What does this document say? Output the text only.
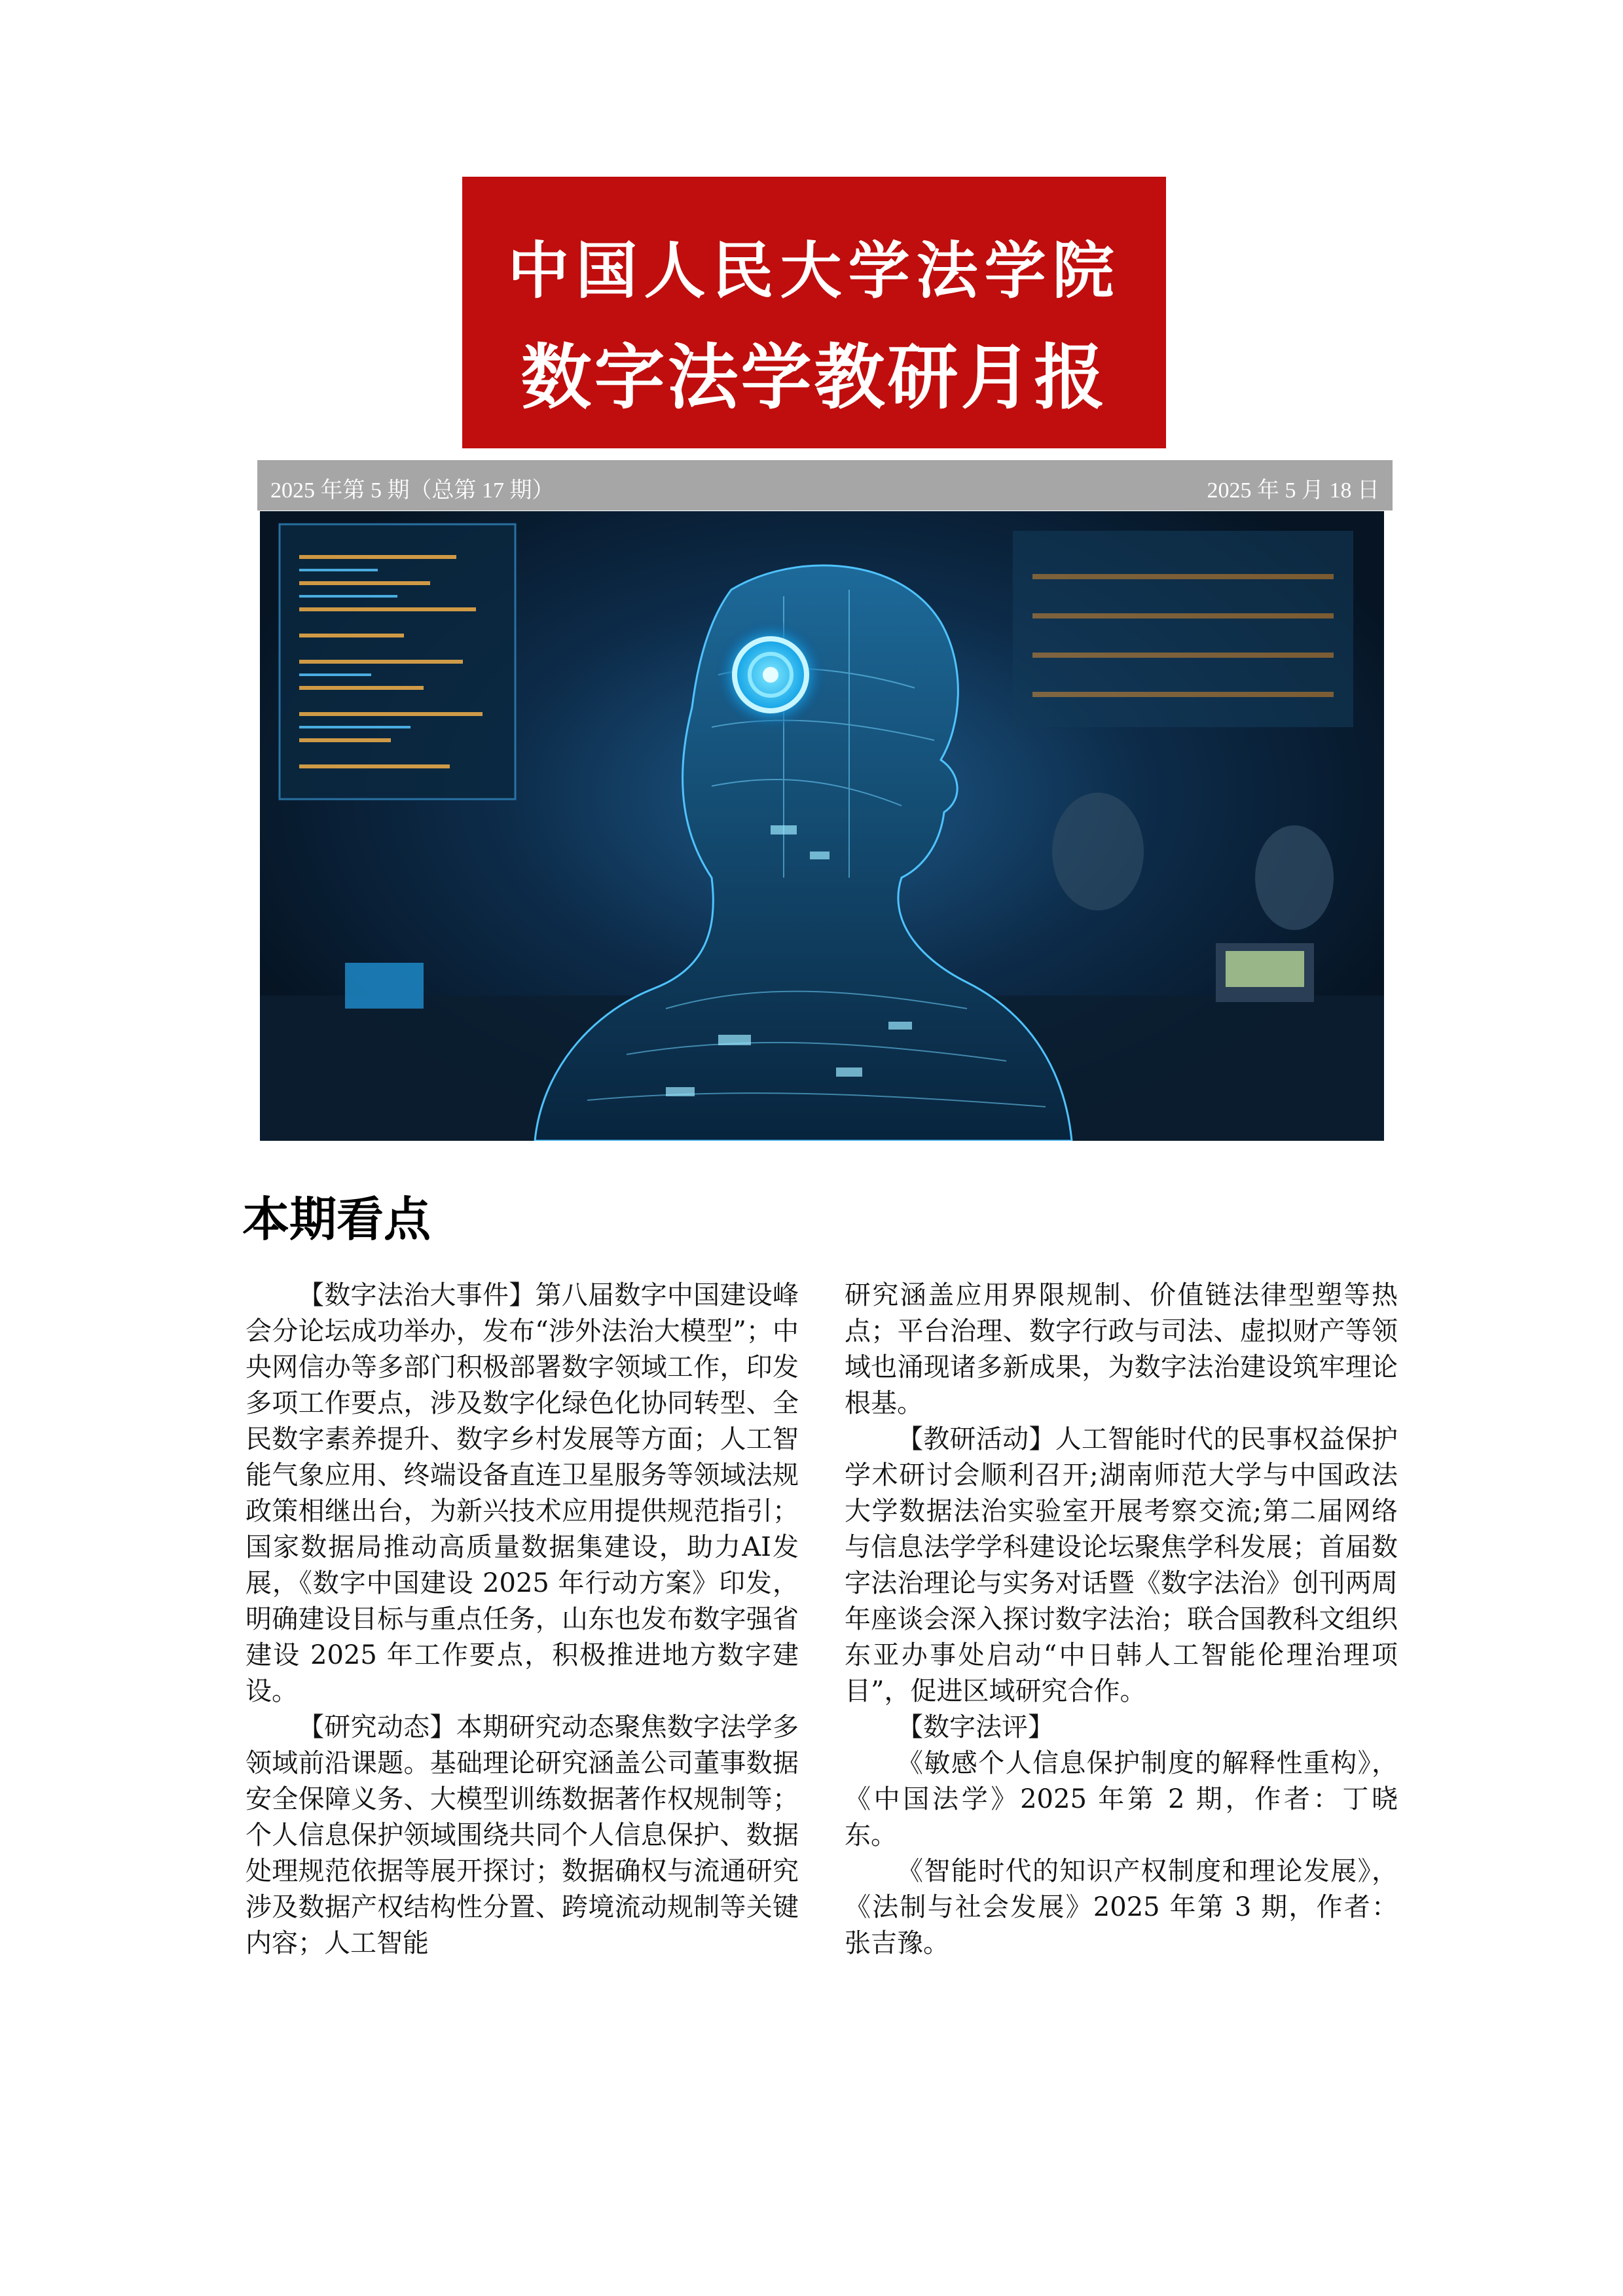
中国人民大学法学院
数字法学教研月报
2025 年第 5 期（总第 17 期）	2025 年 5 月 18 日
本期看点

【数字法治大事件】第八届数字中国建设峰会分论坛成功举办，发布“涉外法治大模型”；中央网信办等多部门积极部署数字领域工作，印发多项工作要点，涉及数字化绿色化协同转型、全民数字素养提升、数字乡村发展等方面；人工智能气象应用、终端设备直连卫星服务等领域法规政策相继出台，为新兴技术应用提供规范指引；国家数据局推动高质量数据集建设，助力AI发展，《数字中国建设 2025 年行动方案》印发，明确建设目标与重点任务，山东也发布数字强省建设 2025 年工作要点，积极推进地方数字建设。

【研究动态】本期研究动态聚焦数字法学多领域前沿课题。基础理论研究涵盖公司董事数据安全保障义务、大模型训练数据著作权规制等；个人信息保护领域围绕共同个人信息保护、数据处理规范依据等展开探讨；数据确权与流通研究涉及数据产权结构性分置、跨境流动规制等关键内容；人工智能

研究涵盖应用界限规制、价值链法律型塑等热点；平台治理、数字行政与司法、虚拟财产等领域也涌现诸多新成果，为数字法治建设筑牢理论根基。

【教研活动】人工智能时代的民事权益保护学术研讨会顺利召开;湖南师范大学与中国政法大学数据法治实验室开展考察交流;第二届网络与信息法学学科建设论坛聚焦学科发展；首届数字法治理论与实务对话暨《数字法治》创刊两周年座谈会深入探讨数字法治；联合国教科文组织东亚办事处启动“中日韩人工智能伦理治理项目”，促进区域研究合作。

【数字法评】

《敏感个人信息保护制度的解释性重构》，《中国法学》2025 年第 2 期，作者：丁晓东。

《智能时代的知识产权制度和理论发展》，《法制与社会发展》2025 年第 3 期，作者：张吉豫。
